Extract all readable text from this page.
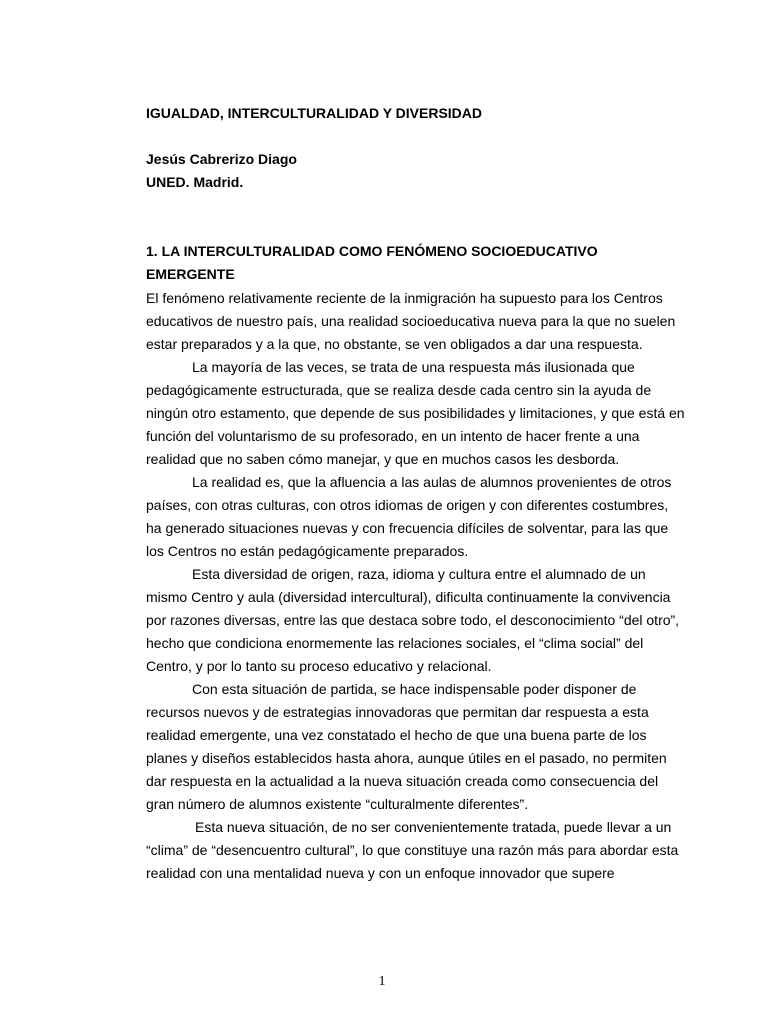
IGUALDAD, INTERCULTURALIDAD Y DIVERSIDAD
Jesús Cabrerizo Diago
UNED. Madrid.
1. LA INTERCULTURALIDAD COMO FENÓMENO SOCIOEDUCATIVO EMERGENTE

El fenómeno relativamente reciente de la inmigración ha supuesto para los Centros educativos de nuestro país, una realidad socioeducativa nueva para la que no suelen estar preparados y a la que, no obstante, se ven obligados a dar una respuesta.

La mayoría de las veces, se trata de una respuesta más ilusionada que pedagógicamente estructurada, que se realiza desde cada centro sin la ayuda de ningún otro estamento, que depende de sus posibilidades y limitaciones, y que está en función del voluntarismo de su profesorado, en un intento de hacer frente a una realidad que no saben cómo manejar, y que en muchos casos les desborda.

La realidad es, que la afluencia a las aulas de alumnos provenientes de otros países, con otras culturas, con otros idiomas de origen y con diferentes costumbres, ha generado situaciones nuevas y con frecuencia difíciles de solventar, para las que los Centros no están pedagógicamente preparados.

Esta diversidad de origen, raza, idioma y cultura entre el alumnado de un mismo Centro y aula (diversidad intercultural), dificulta continuamente la convivencia por razones diversas, entre las que destaca sobre todo, el desconocimiento “del otro”, hecho que condiciona enormemente las relaciones sociales, el “clima social” del Centro, y por lo tanto su proceso educativo y relacional.

Con esta situación de partida, se hace indispensable poder disponer de recursos nuevos y de estrategias innovadoras que permitan dar respuesta a esta realidad emergente, una vez constatado el hecho de que una buena parte de los planes y diseños establecidos hasta ahora, aunque útiles en el pasado, no permiten dar respuesta en la actualidad a la nueva situación creada como consecuencia del gran número de alumnos existente “culturalmente diferentes”.

Esta nueva situación, de no ser convenientemente tratada, puede llevar a un “clima” de “desencuentro cultural”, lo que constituye una razón más para abordar esta realidad con una mentalidad nueva y con un enfoque innovador que supere

1
